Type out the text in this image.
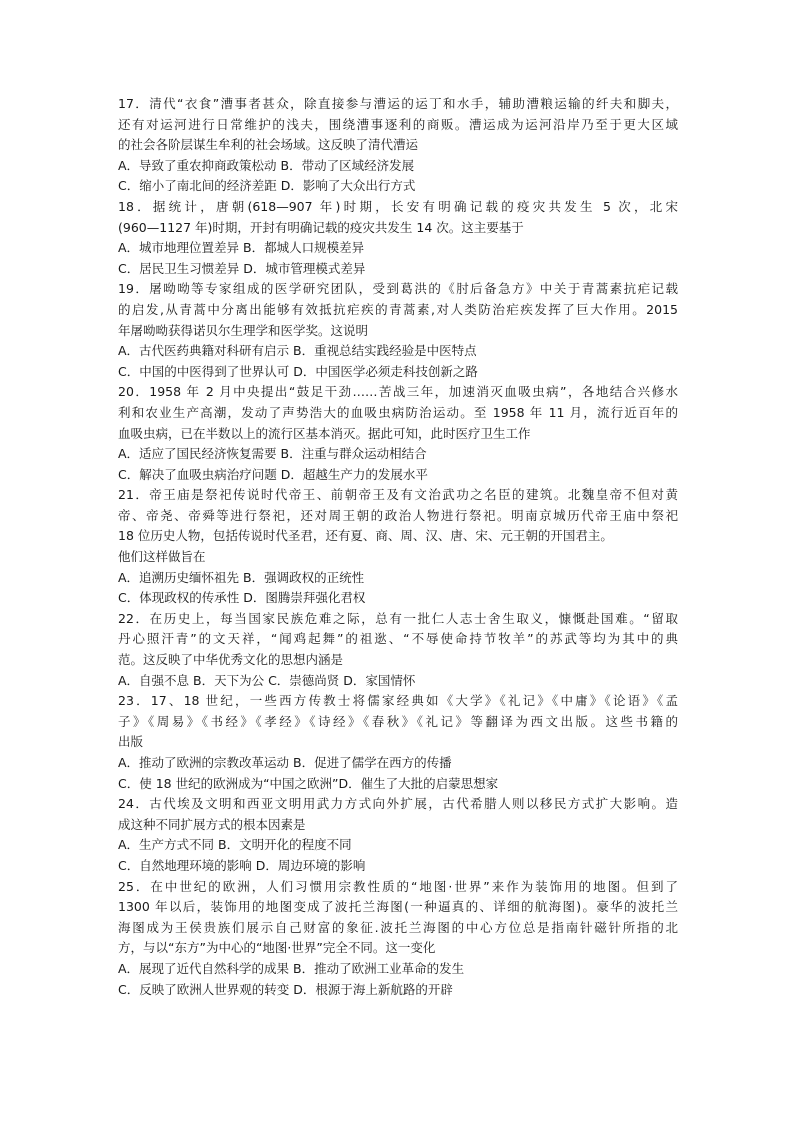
17．清代“衣食”漕事者甚众，除直接参与漕运的运丁和水手，辅助漕粮运输的纤夫和脚夫，
还有对运河进行日常维护的浅夫，围绕漕事逐利的商贩。漕运成为运河沿岸乃至于更大区域
的社会各阶层谋生牟利的社会场域。这反映了清代漕运
A．导致了重农抑商政策松动 B．带动了区域经济发展
C．缩小了南北间的经济差距 D．影响了大众出行方式
18．据统计，唐朝(618—907 年)时期，长安有明确记载的疫灾共发生 5 次，北宋
(960—1127 年)时期，开封有明确记载的疫灾共发生 14 次。这主要基于
A．城市地理位置差异 B．都城人口规模差异
C．居民卫生习惯差异 D．城市管理模式差异
19．屠呦呦等专家组成的医学研究团队，受到葛洪的《肘后备急方》中关于青蒿素抗疟记载
的启发,从青蒿中分离出能够有效抵抗疟疾的青蒿素,对人类防治疟疾发挥了巨大作用。2015
年屠呦呦获得诺贝尔生理学和医学奖。这说明
A．古代医药典籍对科研有启示 B．重视总结实践经验是中医特点
C．中国的中医得到了世界认可 D．中国医学必须走科技创新之路
20．1958 年 2 月中央提出“鼓足干劲……苦战三年，加速消灭血吸虫病”，各地结合兴修水
利和农业生产高潮，发动了声势浩大的血吸虫病防治运动。至 1958 年 11 月，流行近百年的
血吸虫病，已在半数以上的流行区基本消灭。据此可知，此时医疗卫生工作
A．适应了国民经济恢复需要 B．注重与群众运动相结合
C．解决了血吸虫病治疗问题 D．超越生产力的发展水平
21．帝王庙是祭祀传说时代帝王、前朝帝王及有文治武功之名臣的建筑。北魏皇帝不但对黄
帝、帝尧、帝舜等进行祭祀，还对周王朝的政治人物进行祭祀。明南京城历代帝王庙中祭祀
18 位历史人物，包括传说时代圣君，还有夏、商、周、汉、唐、宋、元王朝的开国君主。
他们这样做旨在
A．追溯历史缅怀祖先 B．强调政权的正统性
C．体现政权的传承性 D．图腾崇拜强化君权
22．在历史上，每当国家民族危难之际，总有一批仁人志士舍生取义，慷慨赴国难。“留取
丹心照汗青”的文天祥，“闻鸡起舞”的祖逖、“不辱使命持节牧羊”的苏武等均为其中的典
范。这反映了中华优秀文化的思想内涵是
A．自强不息 B．天下为公 C．崇德尚贤 D．家国情怀
23．17、18 世纪，一些西方传教士将儒家经典如《大学》《礼记》《中庸》《论语》《孟
子》《周易》《书经》《孝经》《诗经》《春秋》《礼记》等翻译为西文出版。这些书籍的
出版
A．推动了欧洲的宗教改革运动 B．促进了儒学在西方的传播
C．使 18 世纪的欧洲成为“中国之欧洲”D．催生了大批的启蒙思想家
24．古代埃及文明和西亚文明用武力方式向外扩展，古代希腊人则以移民方式扩大影响。造
成这种不同扩展方式的根本因素是
A．生产方式不同 B．文明开化的程度不同
C．自然地理环境的影响 D．周边环境的影响
25．在中世纪的欧洲，人们习惯用宗教性质的“地图·世界”来作为装饰用的地图。但到了
1300 年以后，装饰用的地图变成了波托兰海图(一种逼真的、详细的航海图)。豪华的波托兰
海图成为王侯贵族们展示自己财富的象征.波托兰海图的中心方位总是指南针磁针所指的北
方，与以“东方”为中心的“地图·世界”完全不同。这一变化
A．展现了近代自然科学的成果 B．推动了欧洲工业革命的发生
C．反映了欧洲人世界观的转变 D．根源于海上新航路的开辟
